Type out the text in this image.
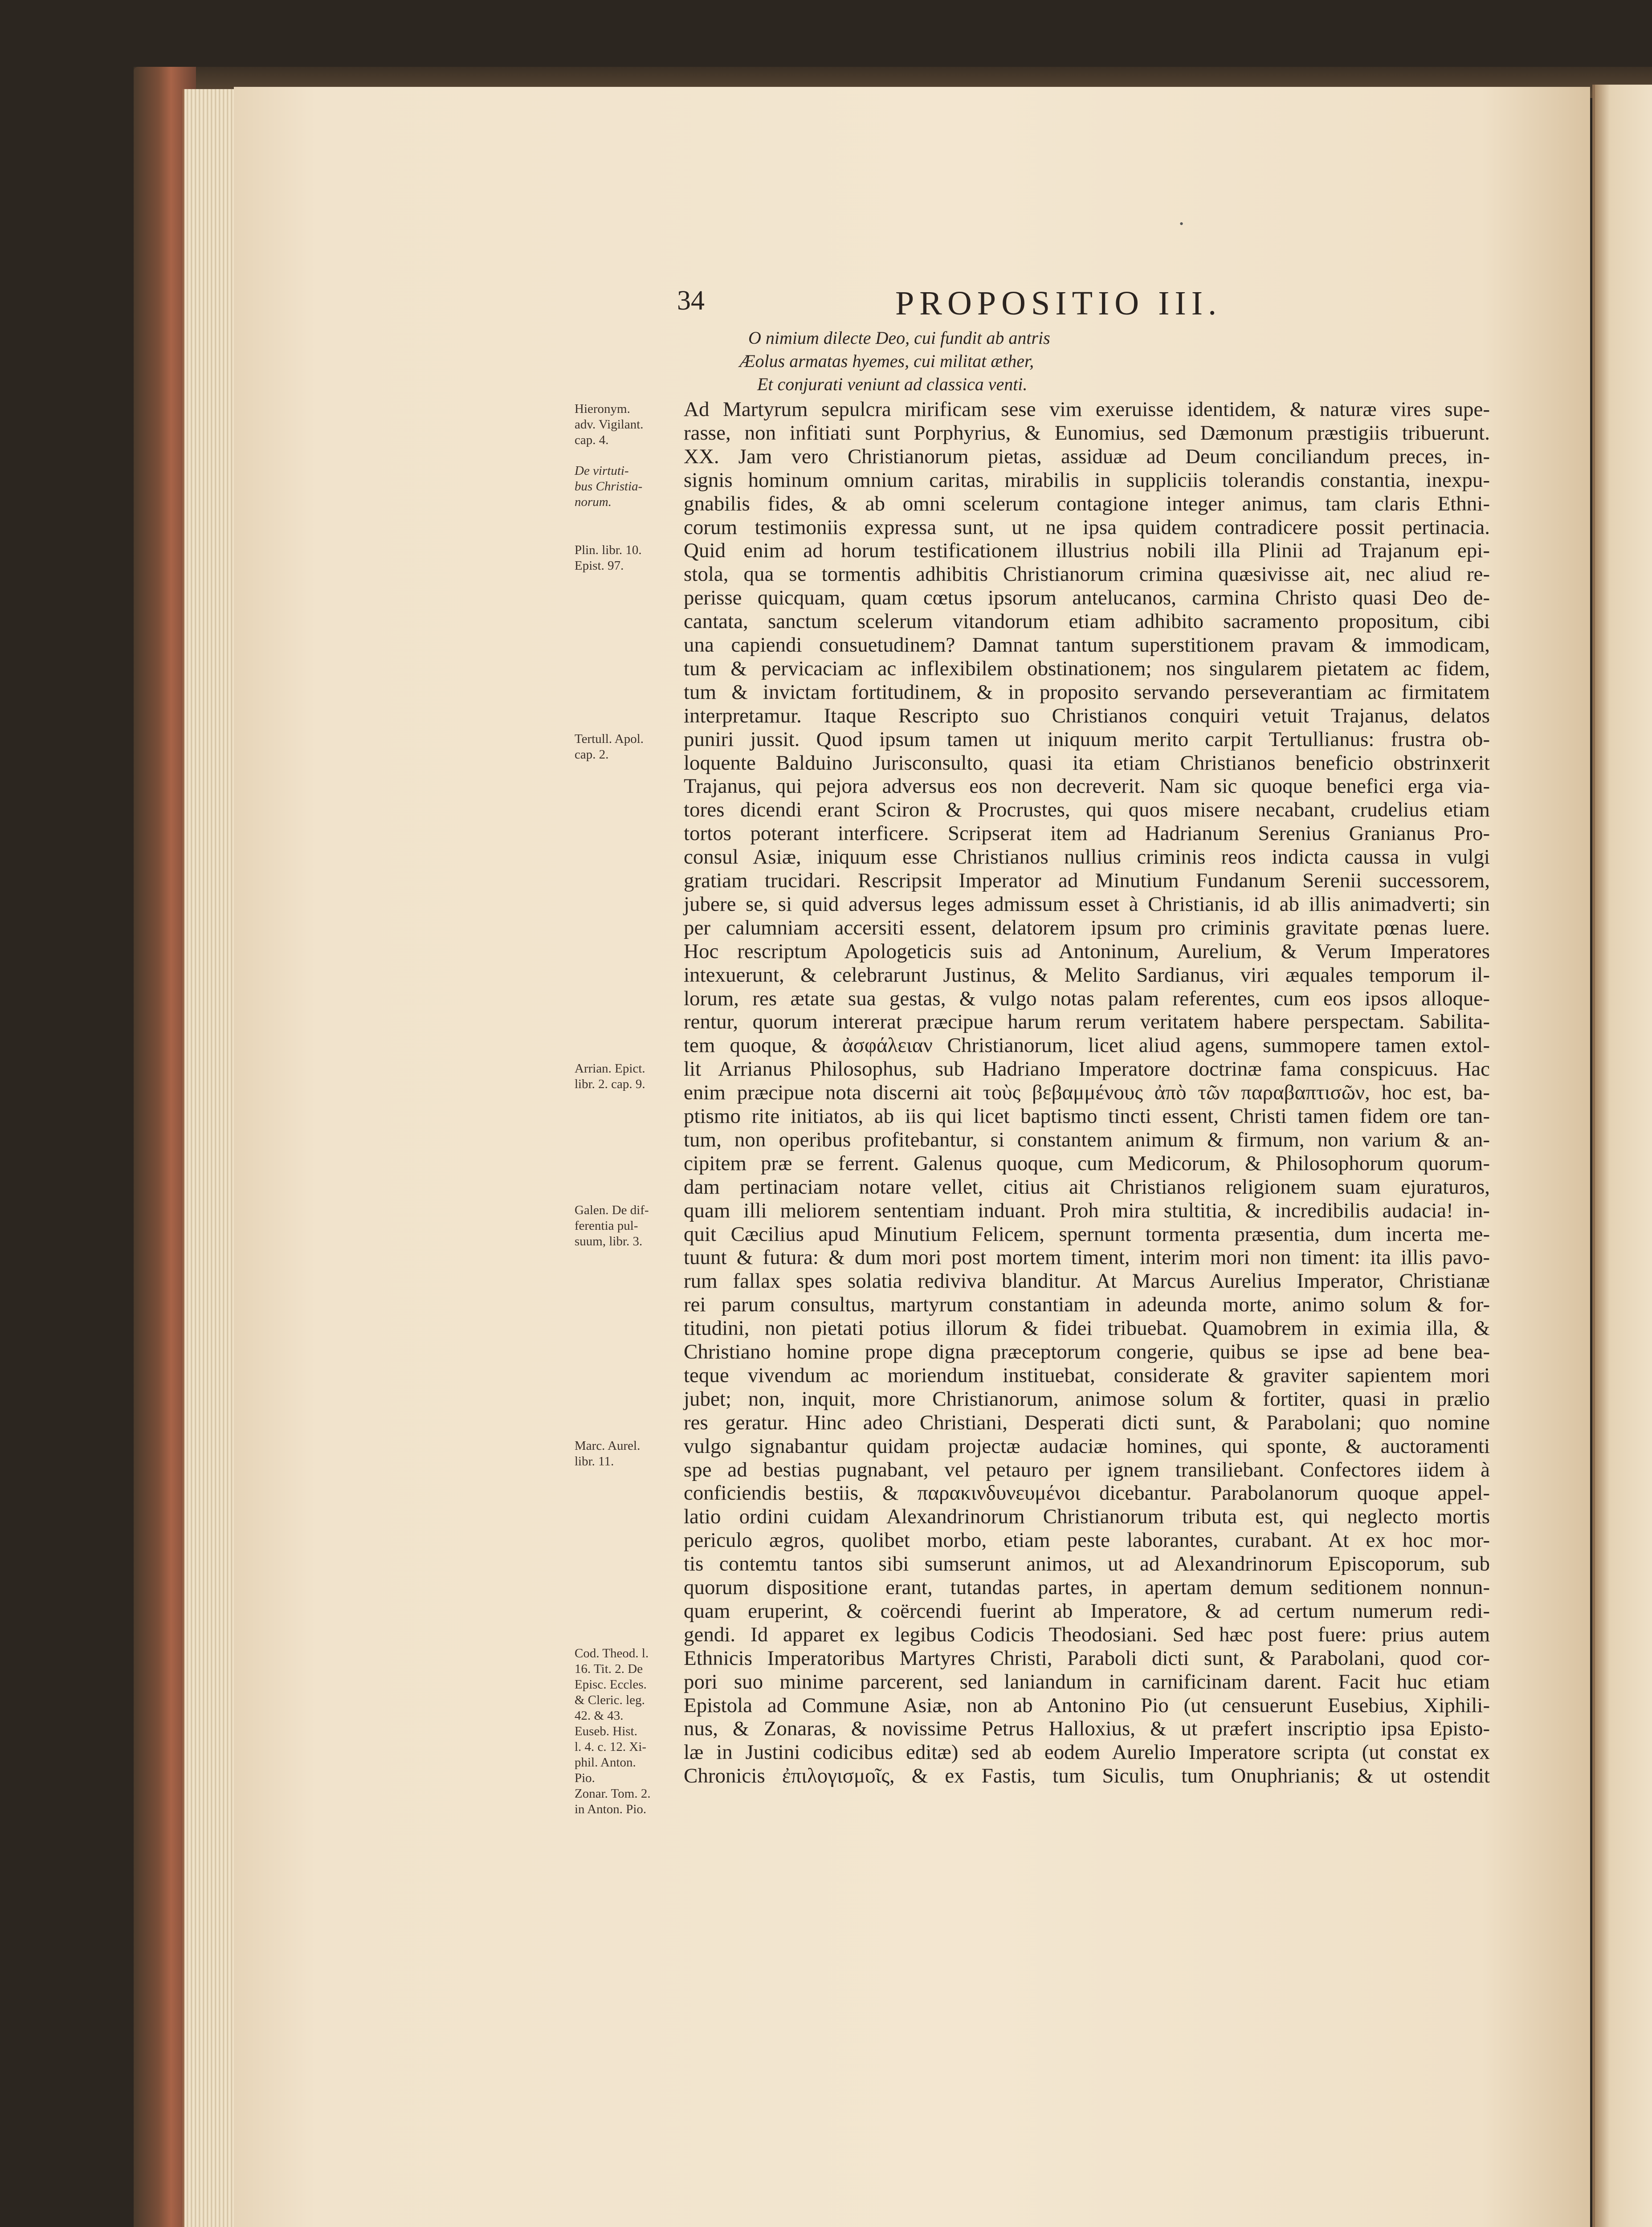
•
34	PROPOSITIO III.
O nimium dilecte Deo, cui fundit ab antris
Æolus armatas hyemes, cui militat æther,
Et conjurati veniunt ad classica venti.
Ad Martyrum sepulcra mirificam sese vim exeruisse identidem, & naturæ vires supe-
rasse, non infitiati sunt Porphyrius, & Eunomius, sed Dæmonum præstigiis tribuerunt.
XX. Jam vero Christianorum pietas, assiduæ ad Deum conciliandum preces, in-
signis hominum omnium caritas, mirabilis in suppliciis tolerandis constantia, inexpu-
gnabilis fides, & ab omni scelerum contagione integer animus, tam claris Ethni-
corum testimoniis expressa sunt, ut ne ipsa quidem contradicere possit pertinacia.
Quid enim ad horum testificationem illustrius nobili illa Plinii ad Trajanum epi-
stola, qua se tormentis adhibitis Christianorum crimina quæsivisse ait, nec aliud re-
perisse quicquam, quam cœtus ipsorum antelucanos, carmina Christo quasi Deo de-
cantata, sanctum scelerum vitandorum etiam adhibito sacramento propositum, cibi
una capiendi consuetudinem? Damnat tantum superstitionem pravam & immodicam,
tum & pervicaciam ac inflexibilem obstinationem; nos singularem pietatem ac fidem,
tum & invictam fortitudinem, & in proposito servando perseverantiam ac firmitatem
interpretamur. Itaque Rescripto suo Christianos conquiri vetuit Trajanus, delatos
puniri jussit. Quod ipsum tamen ut iniquum merito carpit Tertullianus: frustra ob-
loquente Balduino Jurisconsulto, quasi ita etiam Christianos beneficio obstrinxerit
Trajanus, qui pejora adversus eos non decreverit. Nam sic quoque benefici erga via-
tores dicendi erant Sciron & Procrustes, qui quos misere necabant, crudelius etiam
tortos poterant interficere. Scripserat item ad Hadrianum Serenius Granianus Pro-
consul Asiæ, iniquum esse Christianos nullius criminis reos indicta caussa in vulgi
gratiam trucidari. Rescripsit Imperator ad Minutium Fundanum Serenii successorem,
jubere se, si quid adversus leges admissum esset à Christianis, id ab illis animadverti; sin
per calumniam accersiti essent, delatorem ipsum pro criminis gravitate pœnas luere.
Hoc rescriptum Apologeticis suis ad Antoninum, Aurelium, & Verum Imperatores
intexuerunt, & celebrarunt Justinus, & Melito Sardianus, viri æquales temporum il-
lorum, res ætate sua gestas, & vulgo notas palam referentes, cum eos ipsos alloque-
rentur, quorum intererat præcipue harum rerum veritatem habere perspectam. Sabilita-
tem quoque, & ἀσφάλειαν Christianorum, licet aliud agens, summopere tamen extol-
lit Arrianus Philosophus, sub Hadriano Imperatore doctrinæ fama conspicuus. Hac
enim præcipue nota discerni ait τοὺς βεβαμμένους ἀπὸ τῶν παραβαπτισῶν, hoc est, ba-
ptismo rite initiatos, ab iis qui licet baptismo tincti essent, Christi tamen fidem ore tan-
tum, non operibus profitebantur, si constantem animum & firmum, non varium & an-
cipitem præ se ferrent. Galenus quoque, cum Medicorum, & Philosophorum quorum-
dam pertinaciam notare vellet, citius ait Christianos religionem suam ejuraturos,
quam illi meliorem sententiam induant. Proh mira stultitia, & incredibilis audacia! in-
quit Cæcilius apud Minutium Felicem, spernunt tormenta præsentia, dum incerta me-
tuunt & futura: & dum mori post mortem timent, interim mori non timent: ita illis pavo-
rum fallax spes solatia rediviva blanditur. At Marcus Aurelius Imperator, Christianæ
rei parum consultus, martyrum constantiam in adeunda morte, animo solum & for-
titudini, non pietati potius illorum & fidei tribuebat. Quamobrem in eximia illa, &
Christiano homine prope digna præceptorum congerie, quibus se ipse ad bene bea-
teque vivendum ac moriendum instituebat, considerate & graviter sapientem mori
jubet; non, inquit, more Christianorum, animose solum & fortiter, quasi in prælio
res geratur. Hinc adeo Christiani, Desperati dicti sunt, & Parabolani; quo nomine
vulgo signabantur quidam projectæ audaciæ homines, qui sponte, & auctoramenti
spe ad bestias pugnabant, vel petauro per ignem transiliebant. Confectores iidem à
conficiendis bestiis, & παρακινδυνευμένοι dicebantur. Parabolanorum quoque appel-
latio ordini cuidam Alexandrinorum Christianorum tributa est, qui neglecto mortis
periculo ægros, quolibet morbo, etiam peste laborantes, curabant. At ex hoc mor-
tis contemtu tantos sibi sumserunt animos, ut ad Alexandrinorum Episcoporum, sub
quorum dispositione erant, tutandas partes, in apertam demum seditionem nonnun-
quam eruperint, & coërcendi fuerint ab Imperatore, & ad certum numerum redi-
gendi. Id apparet ex legibus Codicis Theodosiani. Sed hæc post fuere: prius autem
Ethnicis Imperatoribus Martyres Christi, Paraboli dicti sunt, & Parabolani, quod cor-
pori suo minime parcerent, sed laniandum in carnificinam darent. Facit huc etiam
Epistola ad Commune Asiæ, non ab Antonino Pio (ut censuerunt Eusebius, Xiphili-
nus, & Zonaras, & novissime Petrus Halloxius, & ut præfert inscriptio ipsa Episto-
læ in Justini codicibus editæ) sed ab eodem Aurelio Imperatore scripta (ut constat ex
Chronicis ἐπιλογισμοῖς, & ex Fastis, tum Siculis, tum Onuphrianis; & ut ostendit
Hieronym.
adv. Vigilant.
cap. 4.
De virtuti-
bus Christia-
norum.
Plin. libr. 10.
Epist. 97.
Tertull. Apol.
cap. 2.
Arrian. Epict.
libr. 2. cap. 9.
Galen. De dif-
ferentia pul-
suum, libr. 3.
Marc. Aurel.
libr. 11.
Cod. Theod. l.
16. Tit. 2. De
Episc. Eccles.
& Cleric. leg.
42. & 43.
Euseb. Hist.
l. 4. c. 12. Xi-
phil. Anton.
Pio.
Zonar. Tom. 2.
in Anton. Pio.
